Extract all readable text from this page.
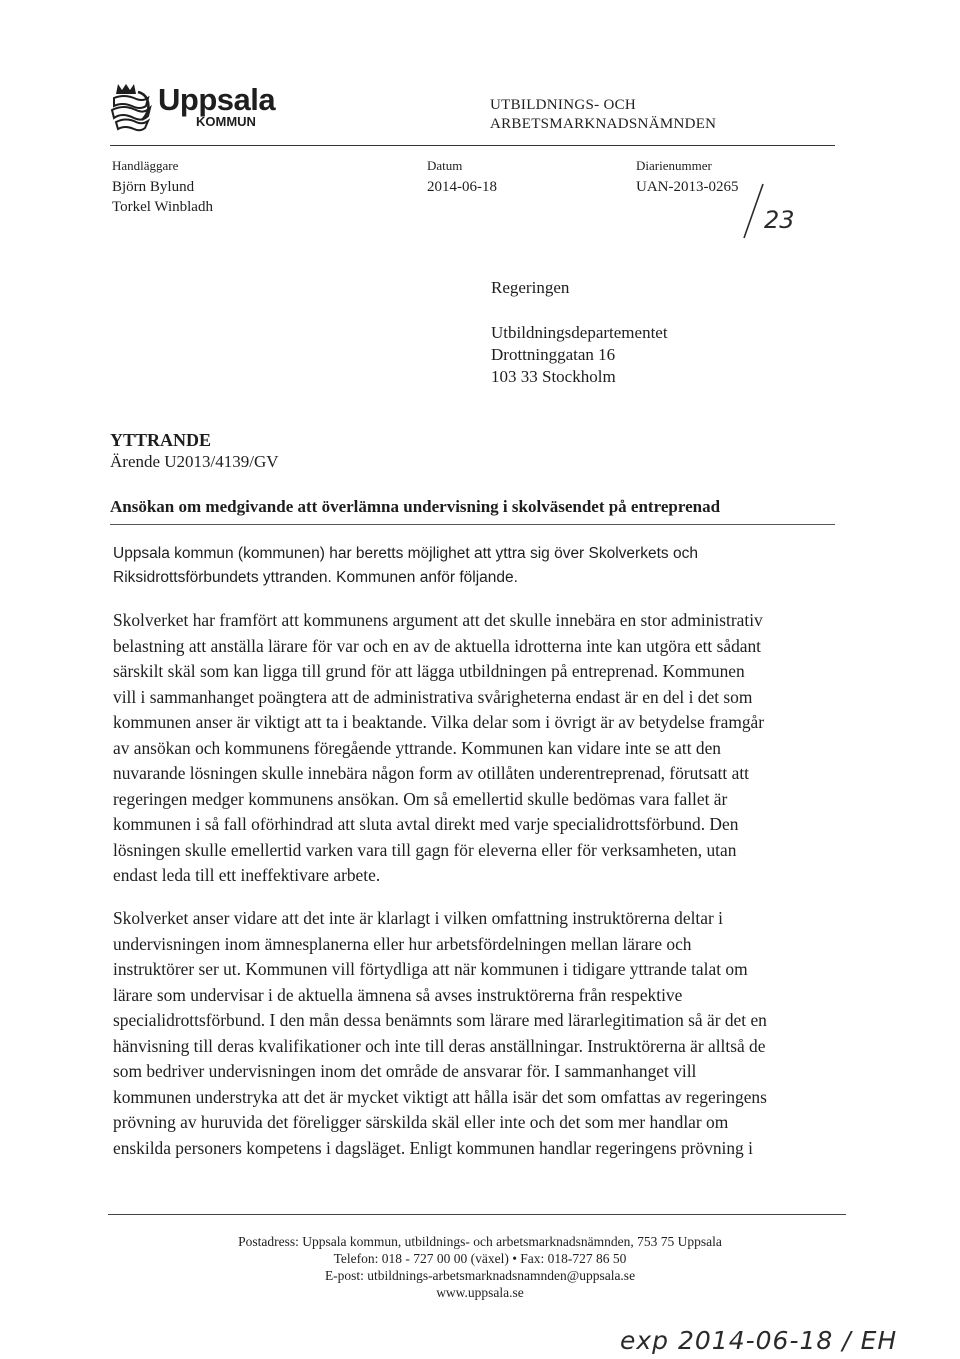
Uppsala
KOMMUN
UTBILDNINGS- OCH
ARBETSMARKNADSNÄMNDEN
Handläggare
Björn Bylund
Torkel Winbladh
Datum
2014-06-18
Diarienummer
UAN-2013-0265
23
Regeringen
Utbildningsdepartementet
Drottninggatan 16
103 33 Stockholm
YTTRANDE
Ärende U2013/4139/GV
Ansökan om medgivande att överlämna undervisning i skolväsendet på entreprenad
Uppsala kommun (kommunen) har beretts möjlighet att yttra sig över Skolverkets och
Riksidrottsförbundets yttranden. Kommunen anför följande.
Skolverket har framfört att kommunens argument att det skulle innebära en stor administrativ
belastning att anställa lärare för var och en av de aktuella idrotterna inte kan utgöra ett sådant
särskilt skäl som kan ligga till grund för att lägga utbildningen på entreprenad. Kommunen
vill i sammanhanget poängtera att de administrativa svårigheterna endast är en del i det som
kommunen anser är viktigt att ta i beaktande. Vilka delar som i övrigt är av betydelse framgår
av ansökan och kommunens föregående yttrande. Kommunen kan vidare inte se att den
nuvarande lösningen skulle innebära någon form av otillåten underentreprenad, förutsatt att
regeringen medger kommunens ansökan. Om så emellertid skulle bedömas vara fallet är
kommunen i så fall oförhindrad att sluta avtal direkt med varje specialidrottsförbund. Den
lösningen skulle emellertid varken vara till gagn för eleverna eller för verksamheten, utan
endast leda till ett ineffektivare arbete.
Skolverket anser vidare att det inte är klarlagt i vilken omfattning instruktörerna deltar i
undervisningen inom ämnesplanerna eller hur arbetsfördelningen mellan lärare och
instruktörer ser ut. Kommunen vill förtydliga att när kommunen i tidigare yttrande talat om
lärare som undervisar i de aktuella ämnena så avses instruktörerna från respektive
specialidrottsförbund. I den mån dessa benämnts som lärare med lärarlegitimation så är det en
hänvisning till deras kvalifikationer och inte till deras anställningar. Instruktörerna är alltså de
som bedriver undervisningen inom det område de ansvarar för. I sammanhanget vill
kommunen understryka att det är mycket viktigt att hålla isär det som omfattas av regeringens
prövning av huruvida det föreligger särskilda skäl eller inte och det som mer handlar om
enskilda personers kompetens i dagsläget. Enligt kommunen handlar regeringens prövning i
Postadress: Uppsala kommun, utbildnings- och arbetsmarknadsnämnden, 753 75 Uppsala
Telefon: 018 - 727 00 00 (växel) • Fax: 018-727 86 50
E-post: utbildnings-arbetsmarknadsnamnden@uppsala.se
www.uppsala.se
exp 2014-06-18 / EH
